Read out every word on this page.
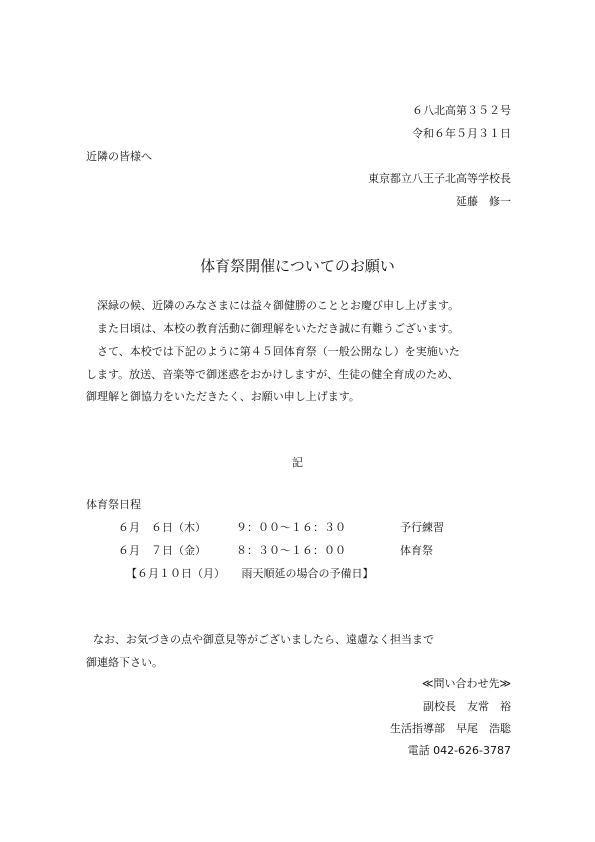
６八北高第３５２号
令和６年５月３１日
近隣の皆様へ
東京都立八王子北高等学校長
延藤　修一
体育祭開催についてのお願い
深緑の候、近隣のみなさまには益々御健勝のこととお慶び申し上げます。
また日頃は、本校の教育活動に御理解をいただき誠に有難うございます。
さて、本校では下記のように第４５回体育祭（一般公開なし）を実施いた
します。放送、音楽等で御迷惑をおかけしますが、生徒の健全育成のため、
御理解と御協力をいただきたく、お願い申し上げます。
記
体育祭日程
６月　６日（木）	９：００～１６：３０	予行練習
６月　７日（金）	８：３０～１６：００	体育祭
【６月１０日（月）　　雨天順延の場合の予備日】
なお、お気づきの点や御意見等がございましたら、遠慮なく担当まで
御連絡下さい。
≪問い合わせ先≫
副校長　友常　裕
生活指導部　早尾　浩聡
電話 042-626-3787
